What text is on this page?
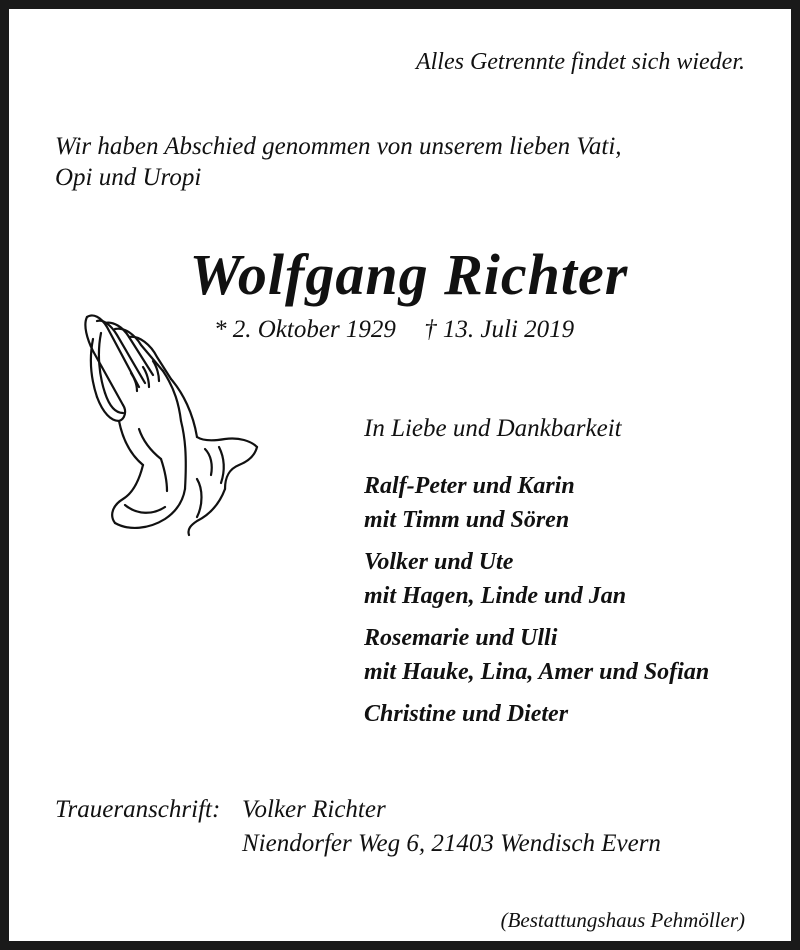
Alles Getrennte findet sich wieder.
Wir haben Abschied genommen von unserem lieben Vati,
Opi und Uropi
Wolfgang Richter
* 2. Oktober 1929 † 13. Juli 2019
In Liebe und Dankbarkeit
Ralf-Peter und Karin
mit Timm und Sören
Volker und Ute
mit Hagen, Linde und Jan
Rosemarie und Ulli
mit Hauke, Lina, Amer und Sofian
Christine und Dieter
Traueranschrift: Volker Richter
Niendorfer Weg 6, 21403 Wendisch Evern
(Bestattungshaus Pehmöller)
